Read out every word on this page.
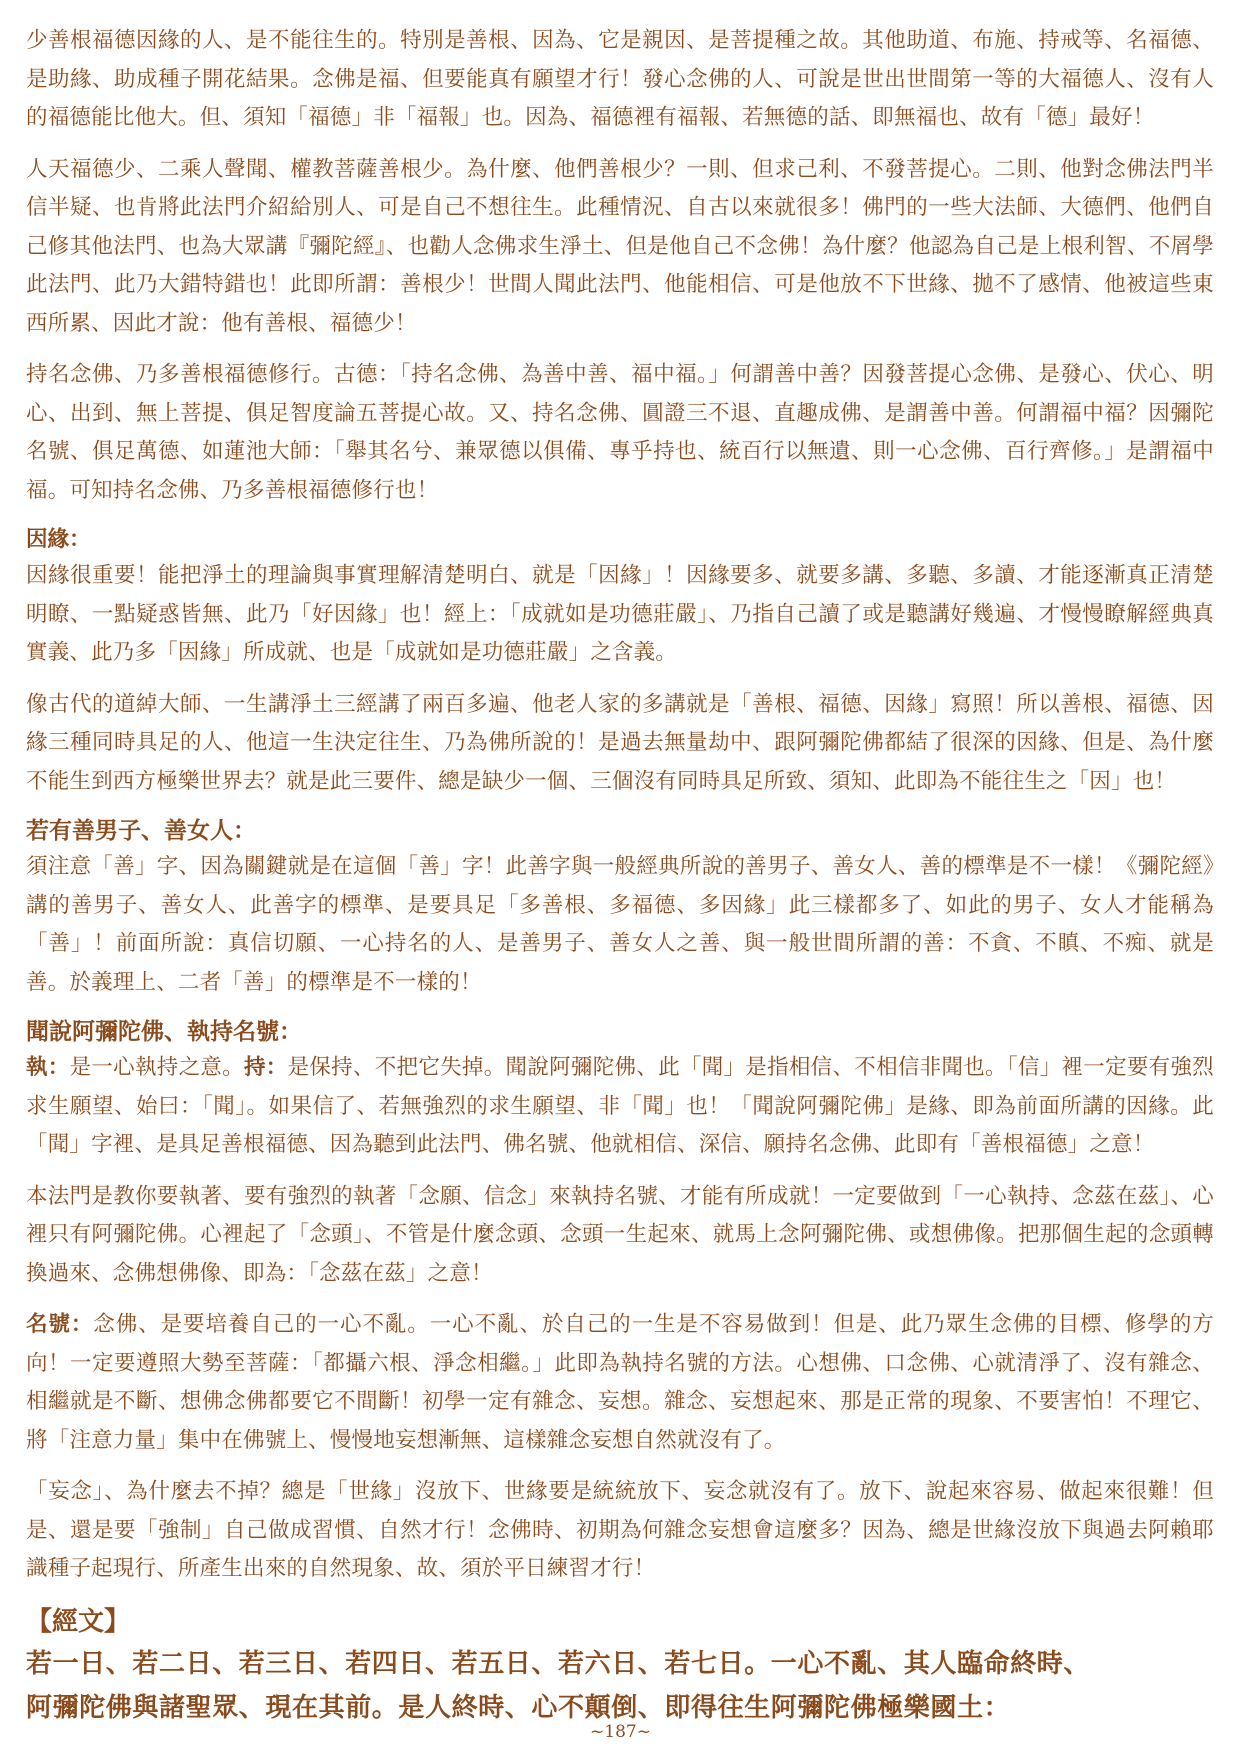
少善根福德因緣的人、是不能往生的。特別是善根、因為、它是親因、是菩提種之故。其他助道、布施、持戒等、名福德、是助緣、助成種子開花結果。念佛是福、但要能真有願望才行！發心念佛的人、可說是世出世間第一等的大福德人、沒有人的福德能比他大。但、須知「福德」非「福報」也。因為、福德裡有福報、若無德的話、即無福也、故有「德」最好！

人天福德少、二乘人聲聞、權教菩薩善根少。為什麼、他們善根少？一則、但求己利、不發菩提心。二則、他對念佛法門半信半疑、也肯將此法門介紹給別人、可是自己不想往生。此種情況、自古以來就很多！佛門的一些大法師、大德們、他們自己修其他法門、也為大眾講『彌陀經』、也勸人念佛求生淨土、但是他自己不念佛！為什麼？他認為自己是上根利智、不屑學此法門、此乃大錯特錯也！此即所謂：善根少！世間人聞此法門、他能相信、可是他放不下世緣、拋不了感情、他被這些東西所累、因此才說：他有善根、福德少！

持名念佛、乃多善根福德修行。古德：「持名念佛、為善中善、福中福。」何謂善中善？因發菩提心念佛、是發心、伏心、明心、出到、無上菩提、俱足智度論五菩提心故。又、持名念佛、圓證三不退、直趣成佛、是謂善中善。何謂福中福？因彌陀名號、俱足萬德、如蓮池大師：「舉其名兮、兼眾德以俱備、專乎持也、統百行以無遺、則一心念佛、百行齊修。」是謂福中福。可知持名念佛、乃多善根福德修行也！

因緣：

因緣很重要！能把淨土的理論與事實理解清楚明白、就是「因緣」！因緣要多、就要多講、多聽、多讀、才能逐漸真正清楚明瞭、一點疑惑皆無、此乃「好因緣」也！經上：「成就如是功德莊嚴」、乃指自己讀了或是聽講好幾遍、才慢慢瞭解經典真實義、此乃多「因緣」所成就、也是「成就如是功德莊嚴」之含義。

像古代的道綽大師、一生講淨土三經講了兩百多遍、他老人家的多講就是「善根、福德、因緣」寫照！所以善根、福德、因緣三種同時具足的人、他這一生決定往生、乃為佛所說的！是過去無量劫中、跟阿彌陀佛都結了很深的因緣、但是、為什麼不能生到西方極樂世界去？就是此三要件、總是缺少一個、三個沒有同時具足所致、須知、此即為不能往生之「因」也！

若有善男子、善女人：

須注意「善」字、因為關鍵就是在這個「善」字！此善字與一般經典所說的善男子、善女人、善的標準是不一樣！《彌陀經》講的善男子、善女人、此善字的標準、是要具足「多善根、多福德、多因緣」此三樣都多了、如此的男子、女人才能稱為「善」！前面所說：真信切願、一心持名的人、是善男子、善女人之善、與一般世間所謂的善：不貪、不瞋、不痴、就是善。於義理上、二者「善」的標準是不一樣的！

聞說阿彌陀佛、執持名號：

執：是一心執持之意。持：是保持、不把它失掉。聞說阿彌陀佛、此「聞」是指相信、不相信非聞也。「信」裡一定要有強烈求生願望、始曰：「聞」。如果信了、若無強烈的求生願望、非「聞」也！「聞說阿彌陀佛」是緣、即為前面所講的因緣。此「聞」字裡、是具足善根福德、因為聽到此法門、佛名號、他就相信、深信、願持名念佛、此即有「善根福德」之意！

本法門是教你要執著、要有強烈的執著「念願、信念」來執持名號、才能有所成就！一定要做到「一心執持、念茲在茲」、心裡只有阿彌陀佛。心裡起了「念頭」、不管是什麼念頭、念頭一生起來、就馬上念阿彌陀佛、或想佛像。把那個生起的念頭轉換過來、念佛想佛像、即為：「念茲在茲」之意！

名號：念佛、是要培養自己的一心不亂。一心不亂、於自己的一生是不容易做到！但是、此乃眾生念佛的目標、修學的方向！一定要遵照大勢至菩薩：「都攝六根、淨念相繼。」此即為執持名號的方法。心想佛、口念佛、心就清淨了、沒有雜念、相繼就是不斷、想佛念佛都要它不間斷！初學一定有雜念、妄想。雜念、妄想起來、那是正常的現象、不要害怕！不理它、將「注意力量」集中在佛號上、慢慢地妄想漸無、這樣雜念妄想自然就沒有了。

「妄念」、為什麼去不掉？總是「世緣」沒放下、世緣要是統統放下、妄念就沒有了。放下、說起來容易、做起來很難！但是、還是要「強制」自己做成習慣、自然才行！念佛時、初期為何雜念妄想會這麼多？因為、總是世緣沒放下與過去阿賴耶識種子起現行、所產生出來的自然現象、故、須於平日練習才行！

【經文】

若一日、若二日、若三日、若四日、若五日、若六日、若七日。一心不亂、其人臨命終時、

阿彌陀佛與諸聖眾、現在其前。是人終時、心不顛倒、即得往生阿彌陀佛極樂國土：

~187~
